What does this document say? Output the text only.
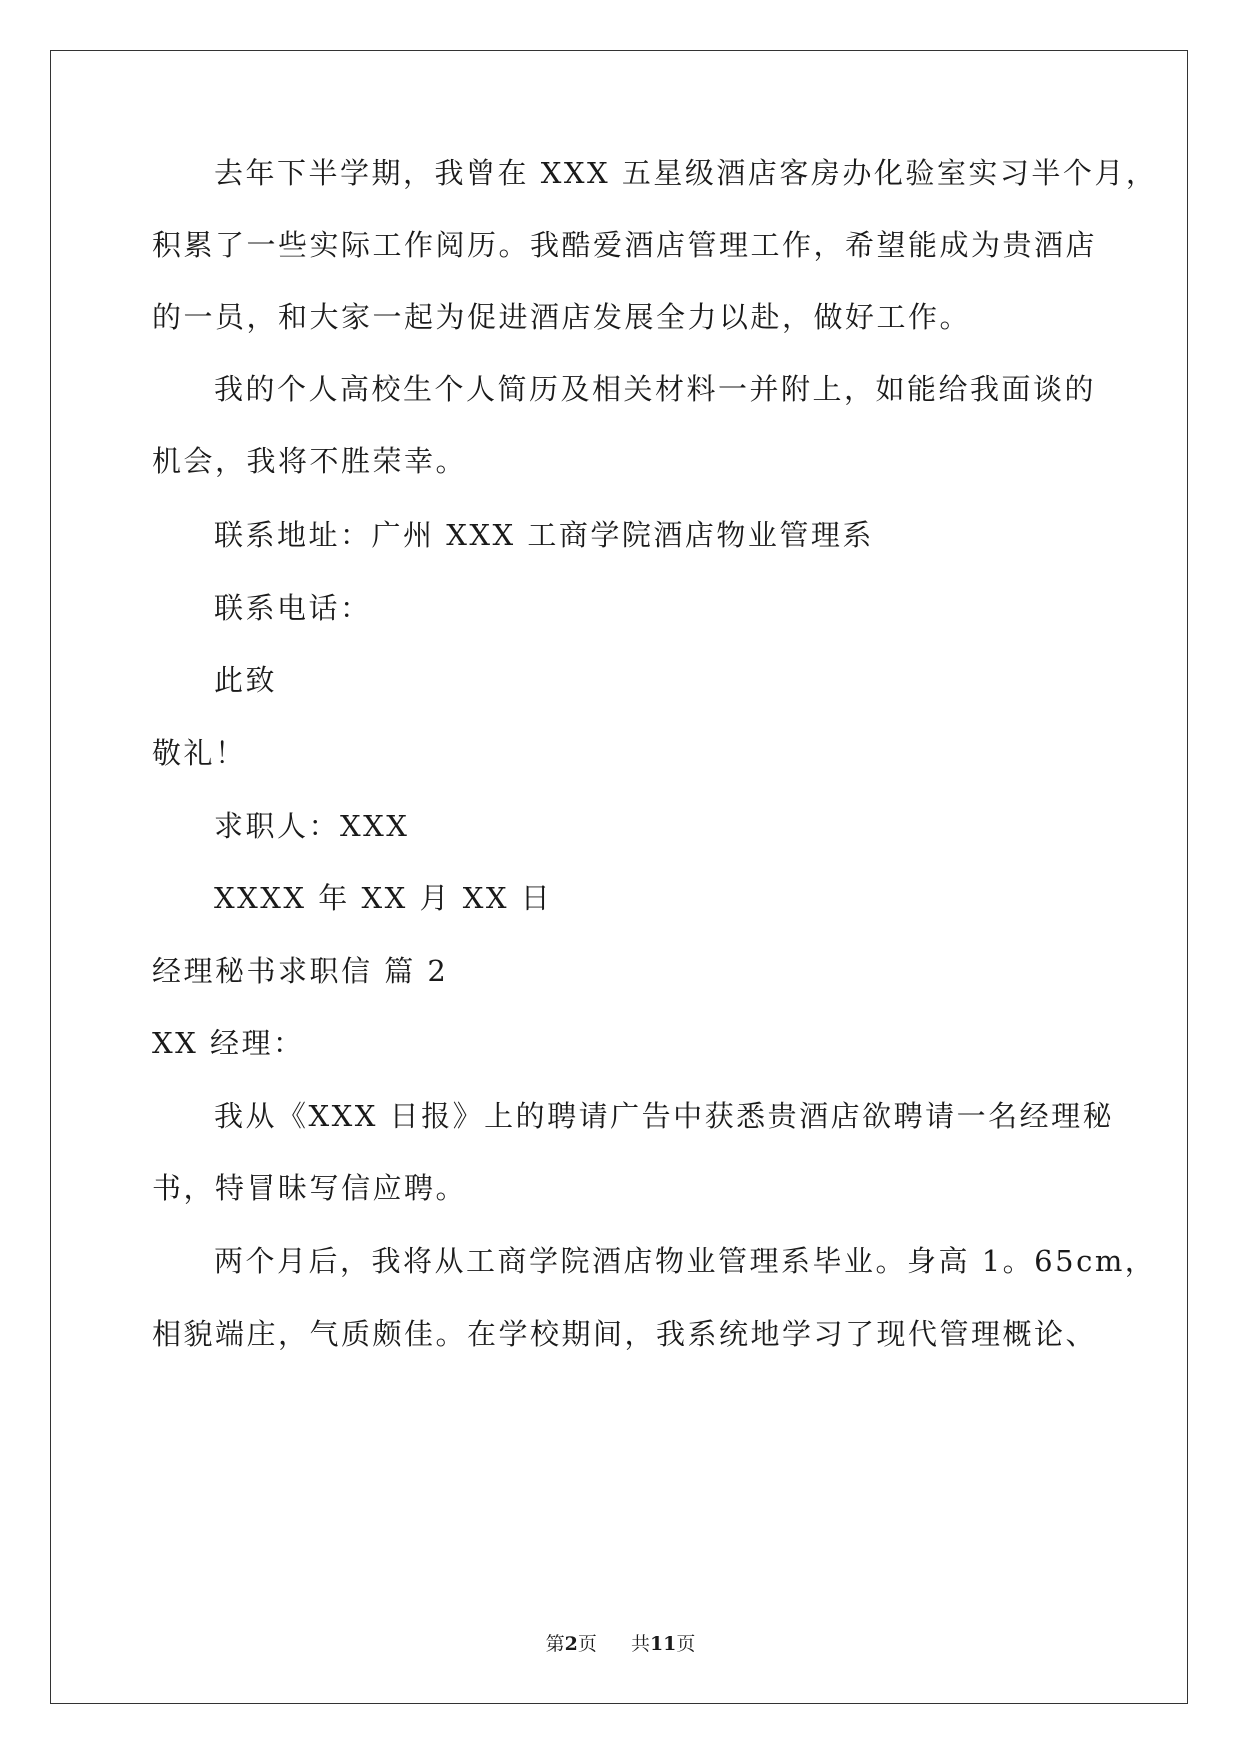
去年下半学期，我曾在 XXX 五星级酒店客房办化验室实习半个月，
积累了一些实际工作阅历。我酷爱酒店管理工作，希望能成为贵酒店
的一员，和大家一起为促进酒店发展全力以赴，做好工作。
我的个人高校生个人简历及相关材料一并附上，如能给我面谈的
机会，我将不胜荣幸。
联系地址：广州 XXX 工商学院酒店物业管理系
联系电话：
此致
敬礼！
求职人：XXX
XXXX 年 XX 月 XX 日
经理秘书求职信 篇 2
XX 经理：
我从《XXX 日报》上的聘请广告中获悉贵酒店欲聘请一名经理秘
书，特冒昧写信应聘。
两个月后，我将从工商学院酒店物业管理系毕业。身高 1。65cm，
相貌端庄，气质颇佳。在学校期间，我系统地学习了现代管理概论、
第2页 共11页
